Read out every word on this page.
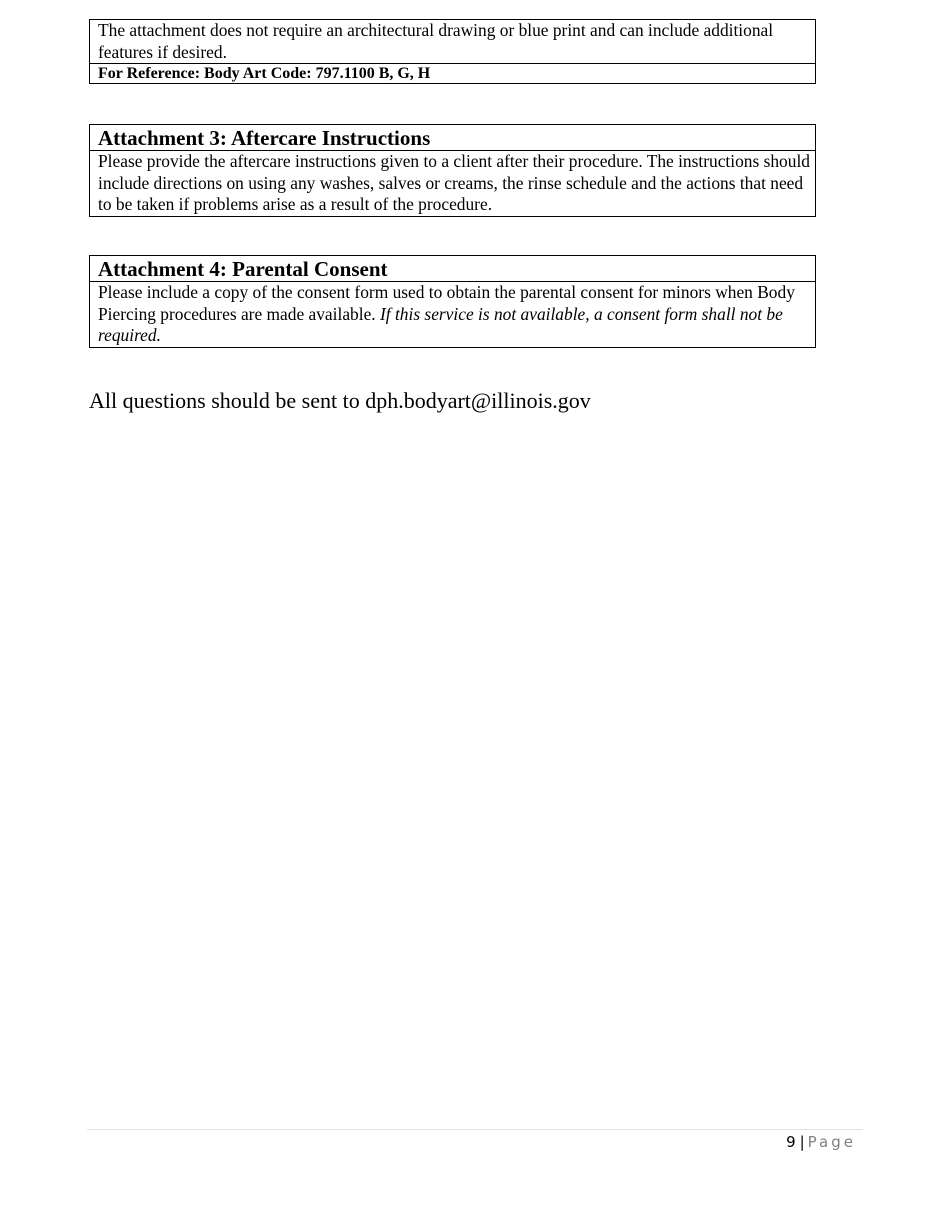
The attachment does not require an architectural drawing or blue print and can include additional features if desired.
For Reference: Body Art Code: 797.1100 B, G, H
Attachment 3: Aftercare Instructions
Please provide the aftercare instructions given to a client after their procedure. The instructions should include directions on using any washes, salves or creams, the rinse schedule and the actions that need to be taken if problems arise as a result of the procedure.
Attachment 4: Parental Consent
Please include a copy of the consent form used to obtain the parental consent for minors when Body Piercing procedures are made available. If this service is not available, a consent form shall not be required.
All questions should be sent to dph.bodyart@illinois.gov
9 | Page
